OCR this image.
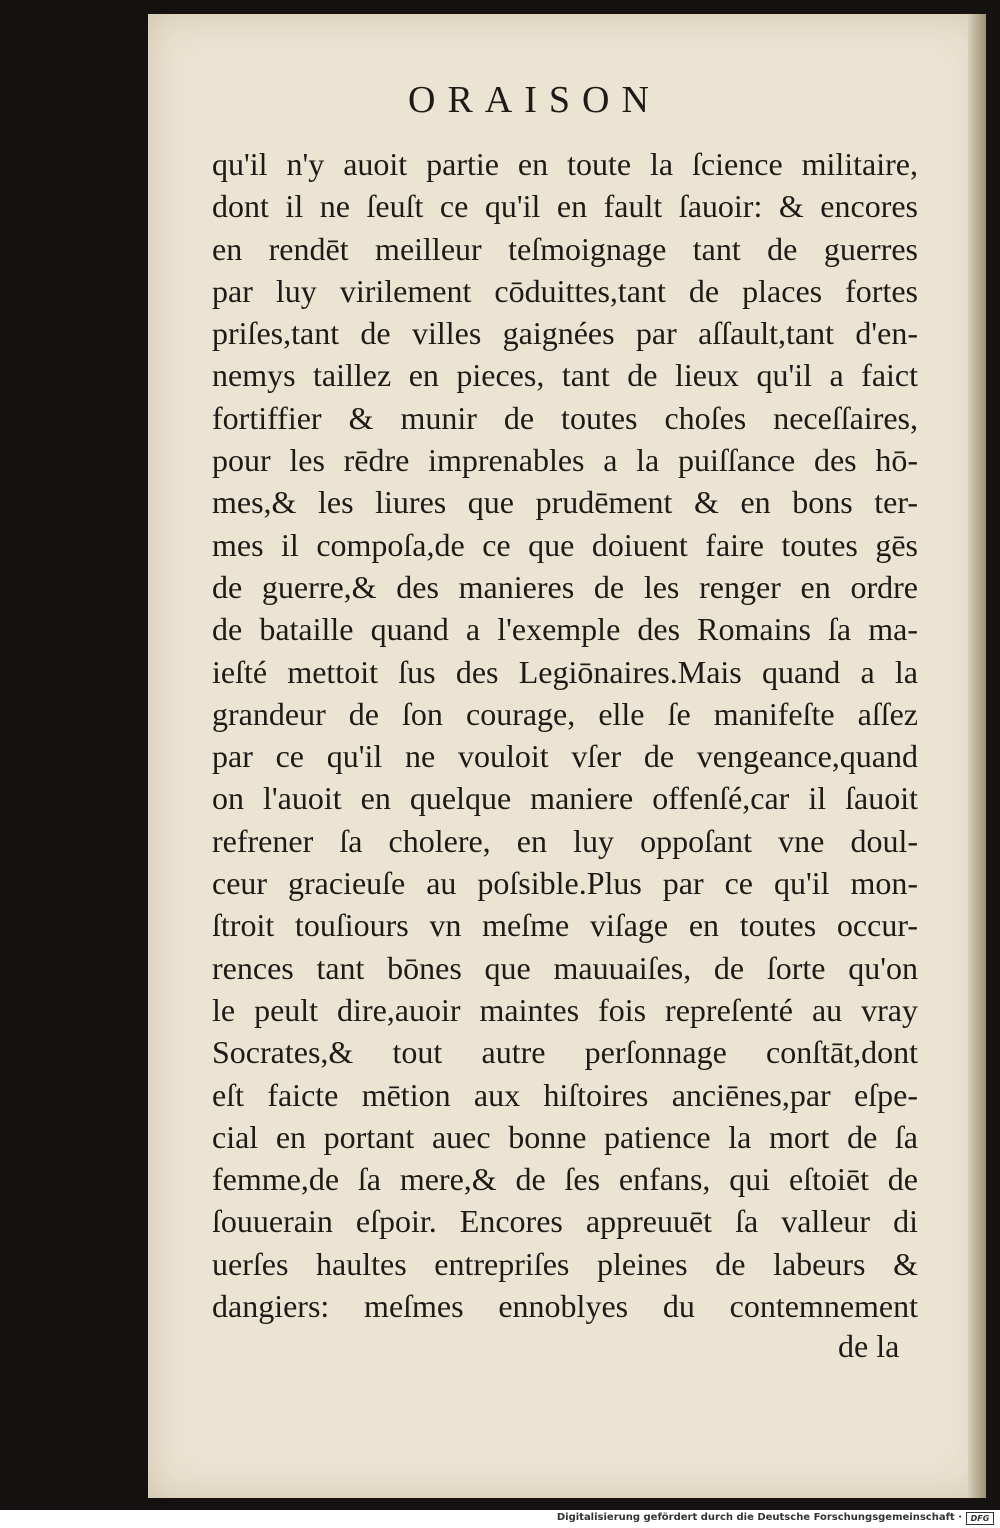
ORAISON
qu'il n'y auoit partie en toute la ſcience militaire,
dont il ne ſeuſt ce qu'il en fault ſauoir: & encores
en rendēt meilleur teſmoignage tant de guerres
par luy virilement cōduittes,tant de places fortes
priſes,tant de villes gaignées par aſſault,tant d'en-
nemys taillez en pieces, tant de lieux qu'il a faict
fortiffier & munir de toutes choſes neceſſaires,
pour les rēdre imprenables a la puiſſance des hō-
mes,& les liures que prudēment & en bons ter-
mes il compoſa,de ce que doiuent faire toutes gēs
de guerre,& des manieres de les renger en ordre
de bataille quand a l'exemple des Romains ſa ma-
ieſté mettoit ſus des Legiōnaires.Mais quand a la
grandeur de ſon courage, elle ſe manifeſte aſſez
par ce qu'il ne vouloit vſer de vengeance,quand
on l'auoit en quelque maniere offenſé,car il ſauoit
refrener ſa cholere, en luy oppoſant vne doul-
ceur gracieuſe au poſsible.Plus par ce qu'il mon-
ſtroit touſiours vn meſme viſage en toutes occur-
rences tant bōnes que mauuaiſes, de ſorte qu'on
le peult dire,auoir maintes fois repreſenté au vray
Socrates,& tout autre perſonnage conſtāt,dont
eſt faicte mētion aux hiſtoires anciēnes,par eſpe-
cial en portant auec bonne patience la mort de ſa
femme,de ſa mere,& de ſes enfans, qui eſtoiēt de
ſouuerain eſpoir. Encores appreuuēt ſa valleur di
uerſes haultes entrepriſes pleines de labeurs &
dangiers: meſmes ennoblyes du contemnement
de la
Digitalisierung gefördert durch die Deutsche Forschungsgemeinschaft ·	DFG
